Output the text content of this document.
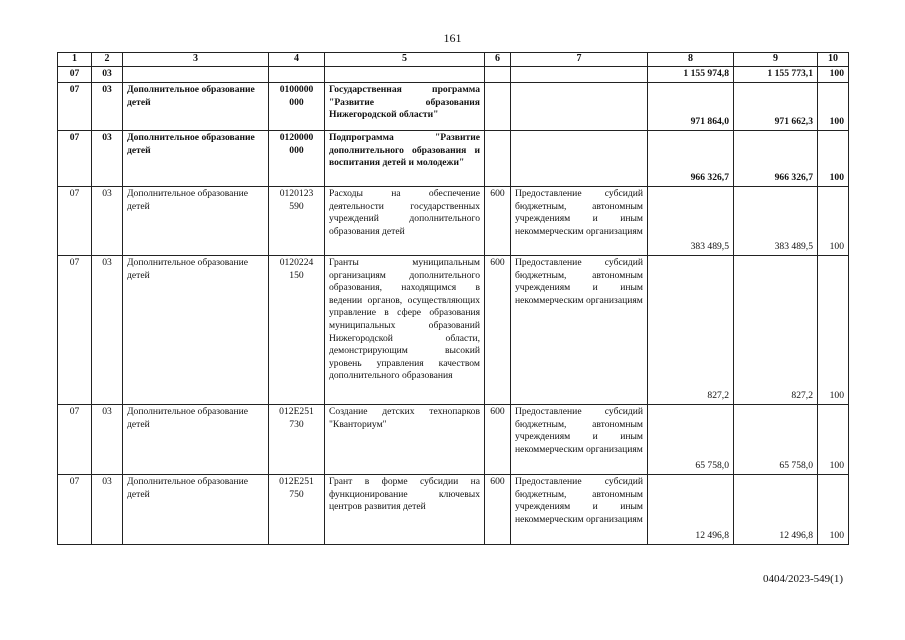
161
1	2	3	4	5	6	7	8	9	10
07	03						1 155 974,8	1 155 773,1	100
07	03	Дополнительное образование детей	0100000 000	Государственная программа "Развитие образования Нижегородской области"			971 864,0	971 662,3	100
07	03	Дополнительное образование детей	0120000 000	Подпрограмма "Развитие дополнительного образования и воспитания детей и молодежи"			966 326,7	966 326,7	100
07	03	Дополнительное образование детей	0120123 590	Расходы на обеспечение деятельности государственных учреждений дополнительного образования детей	600	Предоставление субсидий бюджетным, автономным учреждениям и иным некоммерческим организациям	383 489,5	383 489,5	100
07	03	Дополнительное образование детей	0120224 150	Гранты муниципальным организациям дополнительного образования, находящимся в ведении органов, осуществляющих управление в сфере образования муниципальных образований Нижегородской области, демонстрирующим высокий уровень управления качеством дополнительного образования	600	Предоставление субсидий бюджетным, автономным учреждениям и иным некоммерческим организациям	827,2	827,2	100
07	03	Дополнительное образование детей	012E251 730	Создание детских технопарков "Кванториум"	600	Предоставление субсидий бюджетным, автономным учреждениям и иным некоммерческим организациям	65 758,0	65 758,0	100
07	03	Дополнительное образование детей	012E251 750	Грант в форме субсидии на функционирование ключевых центров развития детей	600	Предоставление субсидий бюджетным, автономным учреждениям и иным некоммерческим организациям	12 496,8	12 496,8	100
0404/2023-549(1)
